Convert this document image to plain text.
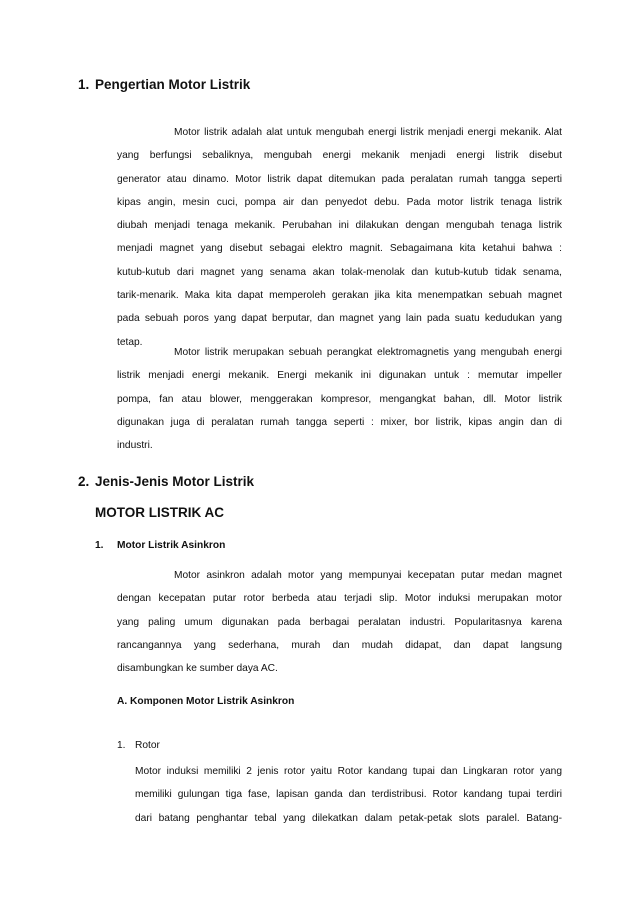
1. Pengertian Motor Listrik
Motor listrik adalah alat untuk mengubah energi listrik menjadi energi mekanik. Alat
yang berfungsi sebaliknya, mengubah energi mekanik menjadi energi listrik disebut
generator atau dinamo. Motor listrik dapat ditemukan pada peralatan rumah tangga seperti
kipas angin, mesin cuci, pompa air dan penyedot debu. Pada motor listrik tenaga listrik
diubah menjadi tenaga mekanik. Perubahan ini dilakukan dengan mengubah tenaga listrik
menjadi magnet yang disebut sebagai elektro magnit. Sebagaimana kita ketahui bahwa :
kutub-kutub dari magnet yang senama akan tolak-menolak dan kutub-kutub tidak senama,
tarik-menarik. Maka kita dapat memperoleh gerakan jika kita menempatkan sebuah magnet
pada sebuah poros yang dapat berputar, dan magnet yang lain pada suatu kedudukan yang
tetap.
Motor listrik merupakan sebuah perangkat elektromagnetis yang mengubah energi
listrik menjadi energi mekanik. Energi mekanik ini digunakan untuk : memutar impeller
pompa, fan atau blower, menggerakan kompresor, mengangkat bahan, dll. Motor listrik
digunakan juga di peralatan rumah tangga seperti : mixer, bor listrik, kipas angin dan di
industri.
2. Jenis-Jenis Motor Listrik
MOTOR LISTRIK AC
1. Motor Listrik Asinkron
Motor asinkron adalah motor yang mempunyai kecepatan putar medan magnet
dengan kecepatan putar rotor berbeda atau terjadi slip. Motor induksi merupakan motor
yang paling umum digunakan pada berbagai peralatan industri. Popularitasnya karena
rancangannya yang sederhana, murah dan mudah didapat, dan dapat langsung
disambungkan ke sumber daya AC.
A. Komponen Motor Listrik Asinkron
1. Rotor
Motor induksi memiliki 2 jenis rotor yaitu Rotor kandang tupai dan Lingkaran rotor yang
memiliki gulungan tiga fase, lapisan ganda dan terdistribusi. Rotor kandang tupai terdiri
dari batang penghantar tebal yang dilekatkan dalam petak-petak slots paralel. Batang-
